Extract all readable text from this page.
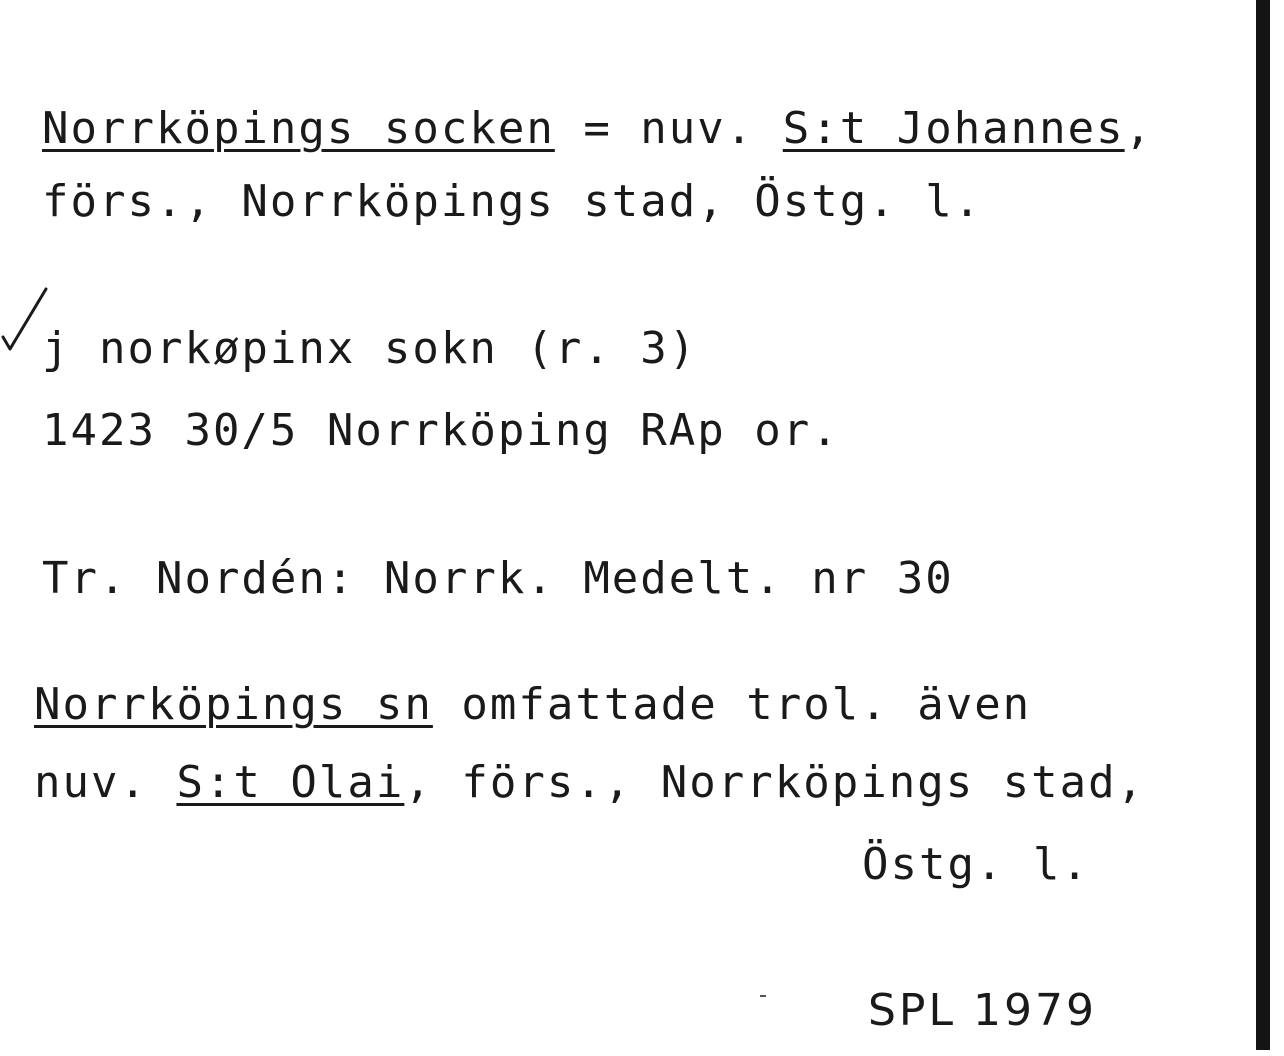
Norrköpings socken = nuv. S:t Johannes,
förs., Norrköpings stad, Östg. l.
j norkøpinx sokn (r. 3)
1423 30/5 Norrköping RAp or.
Tr. Nordén: Norrk. Medelt. nr 30
Norrköpings sn omfattade trol. även
nuv. S:t Olai, förs., Norrköpings stad,
Östg. l.
SPL 1979
